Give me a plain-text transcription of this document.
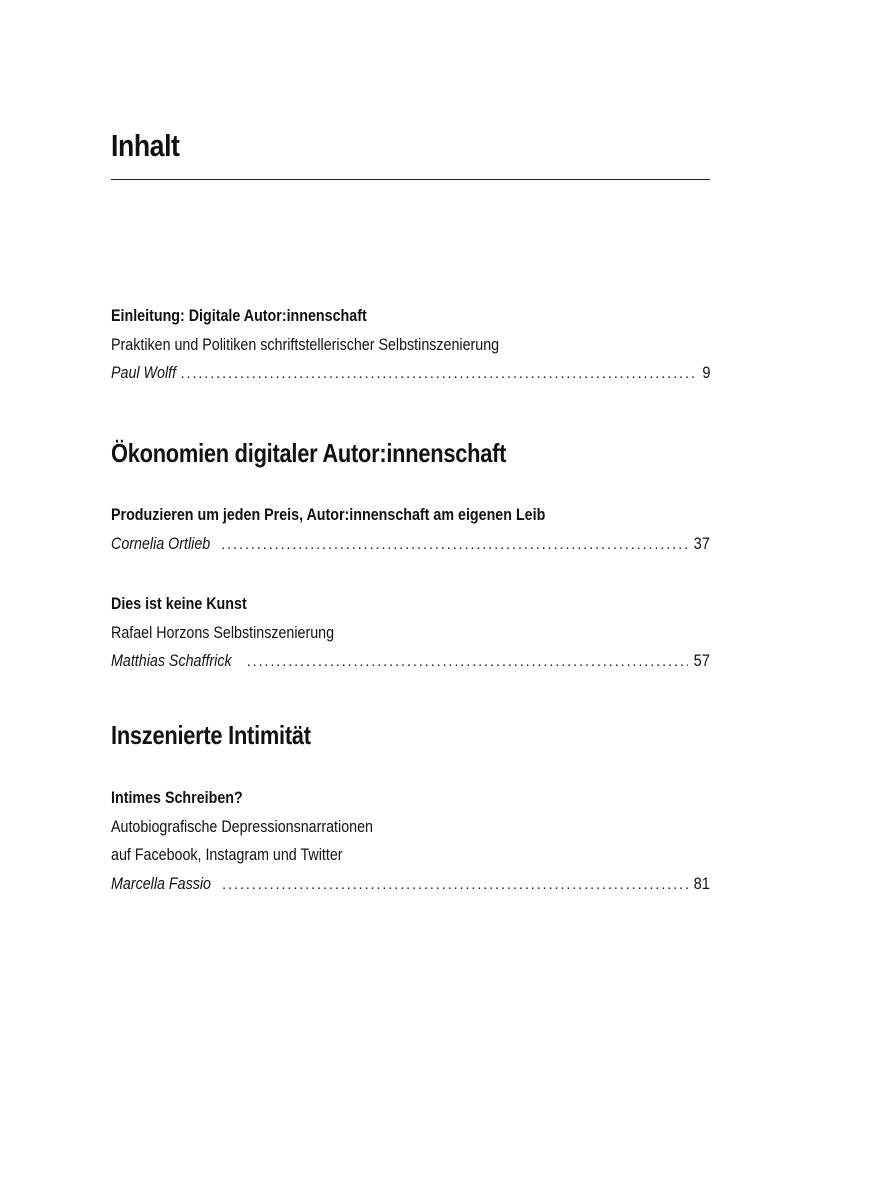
Inhalt
Einleitung: Digitale Autor:innenschaft
Praktiken und Politiken schriftstellerischer Selbstinszenierung
Paul Wolff . . .	9
Ökonomien digitaler Autor:innenschaft
Produzieren um jeden Preis, Autor:innenschaft am eigenen Leib
Cornelia Ortlieb . . .	37
Dies ist keine Kunst
Rafael Horzons Selbstinszenierung
Matthias Schaffrick . . .	57
Inszenierte Intimität
Intimes Schreiben?
Autobiografische Depressionsnarrationen
auf Facebook, Instagram und Twitter
Marcella Fassio . . .	81
